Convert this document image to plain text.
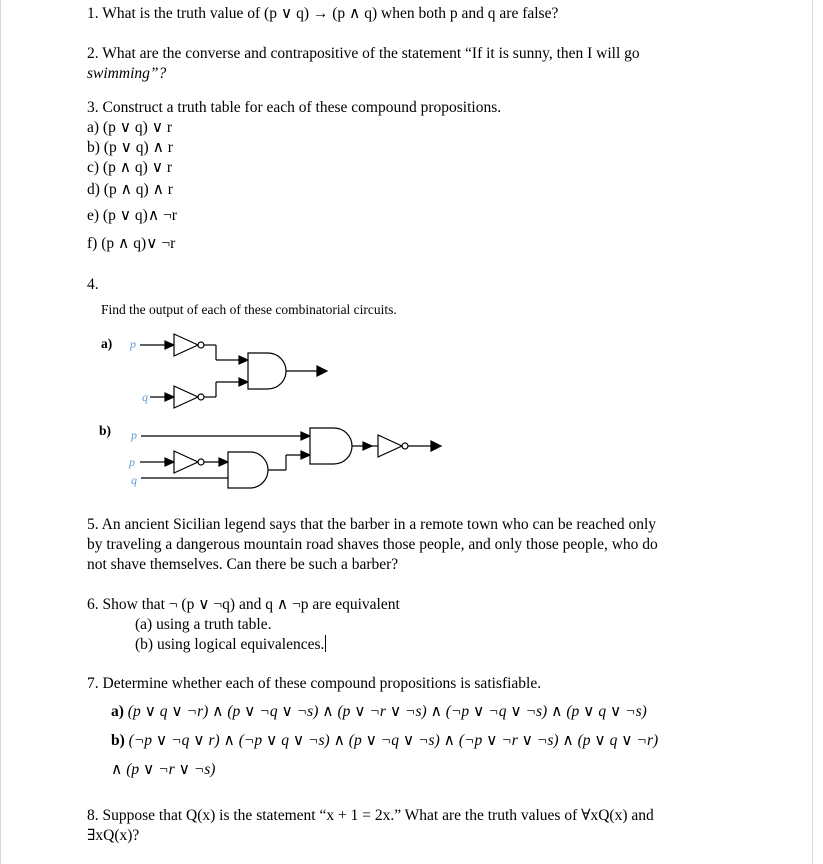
1. What is the truth value of (p ∨ q) → (p ∧ q) when both p and q are false?
2. What are the converse and contrapositive of the statement “If it is sunny, then I will go
swimming”?
3. Construct a truth table for each of these compound propositions.
a) (p ∨ q) ∨ r
b) (p ∨ q) ∧ r
c) (p ∧ q) ∨ r
d) (p ∧ q) ∧ r
e) (p ∨ q)∧ ¬r
f) (p ∧ q)∨ ¬r
4.
5. An ancient Sicilian legend says that the barber in a remote town who can be reached only
by traveling a dangerous mountain road shaves those people, and only those people, who do
not shave themselves. Can there be such a barber?
6. Show that ¬ (p ∨ ¬q) and q ∧ ¬p are equivalent
(a) using a truth table.
(b) using logical equivalences.
7. Determine whether each of these compound propositions is satisfiable.
a) (p ∨ q ∨ ¬r) ∧ (p ∨ ¬q ∨ ¬s) ∧ (p ∨ ¬r ∨ ¬s) ∧ (¬p ∨ ¬q ∨ ¬s) ∧ (p ∨ q ∨ ¬s)
b) (¬p ∨ ¬q ∨ r) ∧ (¬p ∨ q ∨ ¬s) ∧ (p ∨ ¬q ∨ ¬s) ∧ (¬p ∨ ¬r ∨ ¬s) ∧ (p ∨ q ∨ ¬r)
∧ (p ∨ ¬r ∨ ¬s)
8. Suppose that Q(x) is the statement “x + 1 = 2x.” What are the truth values of ∀xQ(x) and
∃xQ(x)?
Find the output of each of these combinatorial circuits.
a)
b)
p
q
p
p
q
